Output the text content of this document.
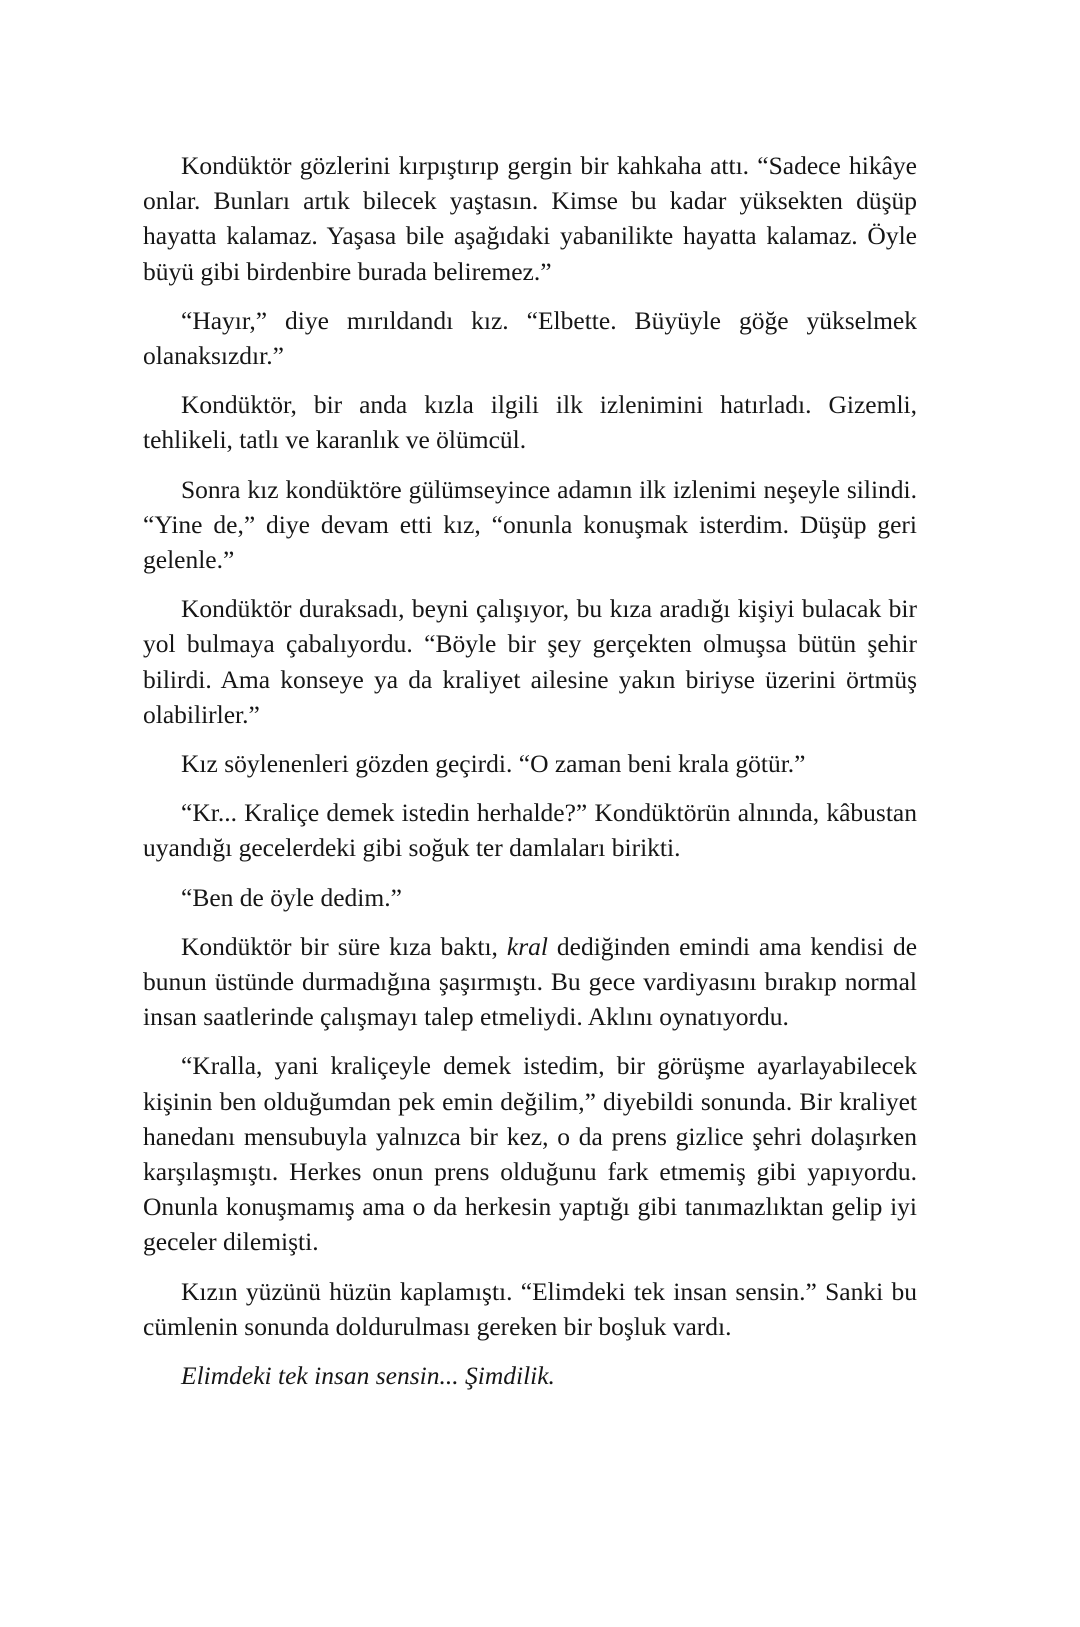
Kondüktör gözlerini kırpıştırıp gergin bir kahkaha attı. “Sadece hikâye onlar. Bunları artık bilecek yaştasın. Kimse bu kadar yüksekten düşüp hayatta kalamaz. Yaşasa bile aşağıdaki yabanilikte hayatta kalamaz. Öyle büyü gibi birdenbire burada beliremez.”

“Hayır,” diye mırıldandı kız. “Elbette. Büyüyle göğe yükselmek olanaksızdır.”

Kondüktör, bir anda kızla ilgili ilk izlenimini hatırladı. Gizemli, tehlikeli, tatlı ve karanlık ve ölümcül.

Sonra kız kondüktöre gülümseyince adamın ilk izlenimi neşeyle silindi. “Yine de,” diye devam etti kız, “onunla konuşmak isterdim. Düşüp geri gelenle.”

Kondüktör duraksadı, beyni çalışıyor, bu kıza aradığı kişiyi bulacak bir yol bulmaya çabalıyordu. “Böyle bir şey gerçekten olmuşsa bütün şehir bilirdi. Ama konseye ya da kraliyet ailesine yakın biriyse üzerini örtmüş olabilirler.”

Kız söylenenleri gözden geçirdi. “O zaman beni krala götür.”

“Kr... Kraliçe demek istedin herhalde?” Kondüktörün alnında, kâbustan uyandığı gecelerdeki gibi soğuk ter damlaları birikti.

“Ben de öyle dedim.”

Kondüktör bir süre kıza baktı, kral dediğinden emindi ama kendisi de bunun üstünde durmadığına şaşırmıştı. Bu gece vardiyasını bırakıp normal insan saatlerinde çalışmayı talep etmeliydi. Aklını oynatıyordu.

“Kralla, yani kraliçeyle demek istedim, bir görüşme ayarlayabilecek kişinin ben olduğumdan pek emin değilim,” diyebildi sonunda. Bir kraliyet hanedanı mensubuyla yalnızca bir kez, o da prens gizlice şehri dolaşırken karşılaşmıştı. Herkes onun prens olduğunu fark etmemiş gibi yapıyordu. Onunla konuşmamış ama o da herkesin yaptığı gibi tanımazlıktan gelip iyi geceler dilemişti.

Kızın yüzünü hüzün kaplamıştı. “Elimdeki tek insan sensin.” Sanki bu cümlenin sonunda doldurulması gereken bir boşluk vardı.

Elimdeki tek insan sensin... Şimdilik.
